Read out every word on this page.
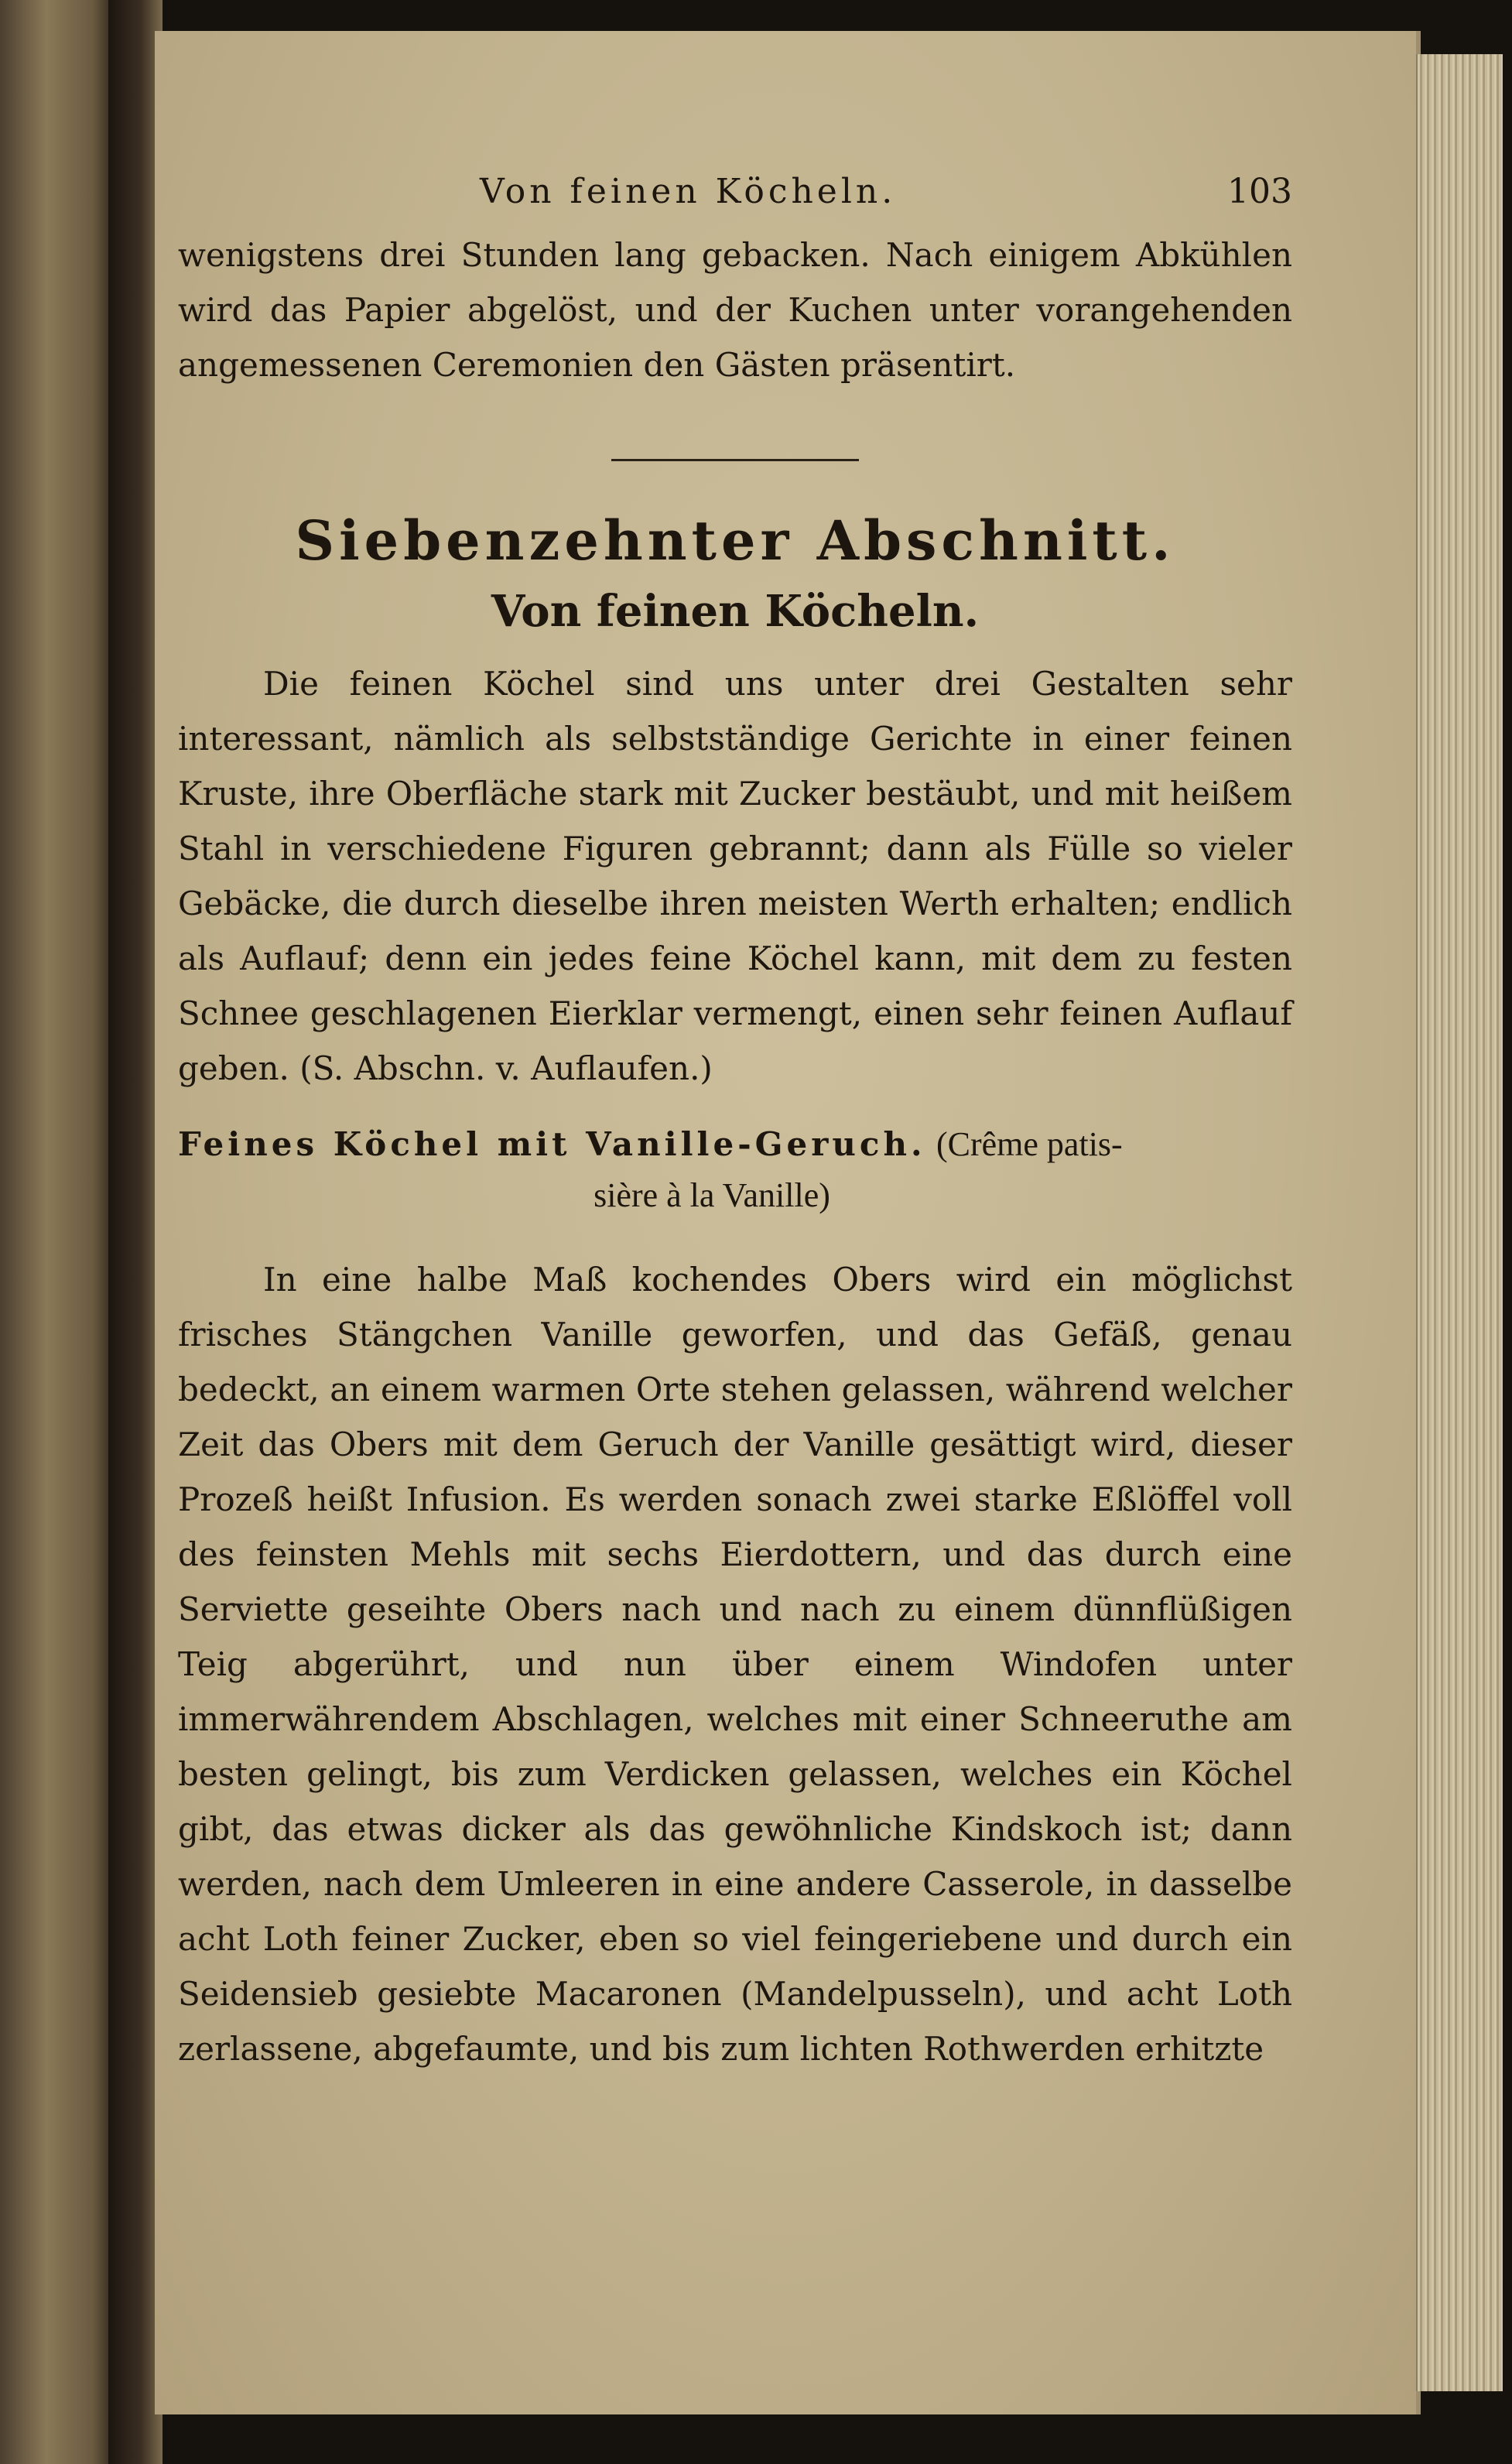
Von feinen Köcheln.	103

wenigstens drei Stunden lang gebacken. Nach einigem Abkühlen wird das Papier abgelöst, und der Kuchen unter vorangehenden angemessenen Ceremonien den Gästen präsentirt.

Siebenzehnter Abschnitt.
Von feinen Köcheln.

Die feinen Köchel sind uns unter drei Gestalten sehr interessant, nämlich als selbstständige Gerichte in einer feinen Kruste, ihre Oberfläche stark mit Zucker bestäubt, und mit heißem Stahl in verschiedene Figuren gebrannt; dann als Fülle so vieler Gebäcke, die durch dieselbe ihren meisten Werth erhalten; endlich als Auflauf; denn ein jedes feine Köchel kann, mit dem zu festen Schnee geschlagenen Eierklar vermengt, einen sehr feinen Auflauf geben. (S. Abschn. v. Auflaufen.)

Feines Köchel mit Vanille-Geruch. (Crême patis-
sière à la Vanille)

In eine halbe Maß kochendes Obers wird ein möglichst frisches Stängchen Vanille geworfen, und das Gefäß, genau bedeckt, an einem warmen Orte stehen gelassen, während welcher Zeit das Obers mit dem Geruch der Vanille gesättigt wird, dieser Prozeß heißt Infusion. Es werden sonach zwei starke Eßlöffel voll des feinsten Mehls mit sechs Eierdottern, und das durch eine Serviette geseihte Obers nach und nach zu einem dünnflüßigen Teig abgerührt, und nun über einem Windofen unter immerwährendem Abschlagen, welches mit einer Schneeruthe am besten gelingt, bis zum Verdicken gelassen, welches ein Köchel gibt, das etwas dicker als das gewöhnliche Kindskoch ist; dann werden, nach dem Umleeren in eine andere Casserole, in dasselbe acht Loth feiner Zucker, eben so viel feingeriebene und durch ein Seidensieb gesiebte Macaronen (Mandelpusseln), und acht Loth zerlassene, abgefaumte, und bis zum lichten Rothwerden erhitzte
